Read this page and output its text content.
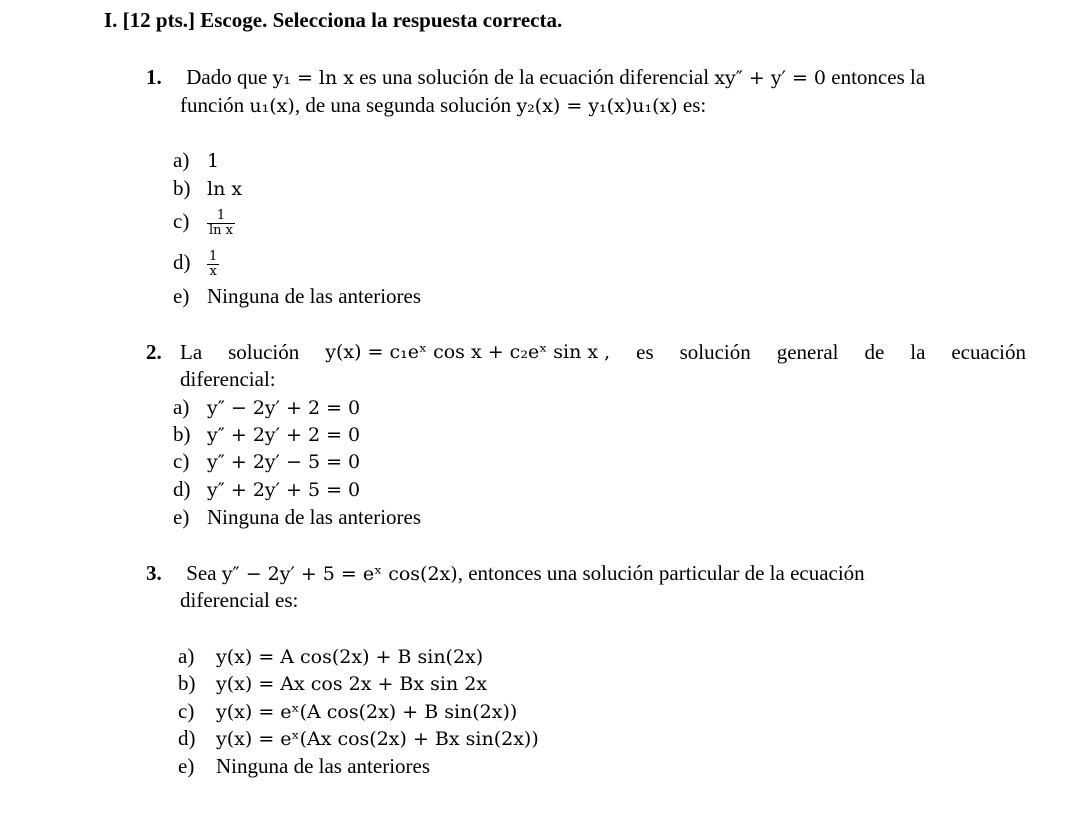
I. [12 pts.] Escoge. Selecciona la respuesta correcta.
1. Dado que y₁ = ln x es una solución de la ecuación diferencial xy″ + y′ = 0 entonces la
función u₁(x), de una segunda solución y₂(x) = y₁(x)u₁(x) es:
a) 1
b) ln x
$c) \frac{1}{\text{ln x}}$
$d) \frac{1}{x}$
e) Ninguna de las anteriores
2. La solución y(x) = c₁eˣ cos x + c₂eˣ sin x , es solución general de la ecuación
diferencial:
a) y″ − 2y′ + 2 = 0
b) y″ + 2y′ + 2 = 0
c) y″ + 2y′ − 5 = 0
d) y″ + 2y′ + 5 = 0
e) Ninguna de las anteriores
3. Sea y″ − 2y′ + 5 = eˣ cos(2x), entonces una solución particular de la ecuación
diferencial es:
a) y(x) = A cos(2x) + B sin(2x)
b) y(x) = Ax cos 2x + Bx sin 2x
c) y(x) = eˣ(A cos(2x) + B sin(2x))
d) y(x) = eˣ(Ax cos(2x) + Bx sin(2x))
e) Ninguna de las anteriores
